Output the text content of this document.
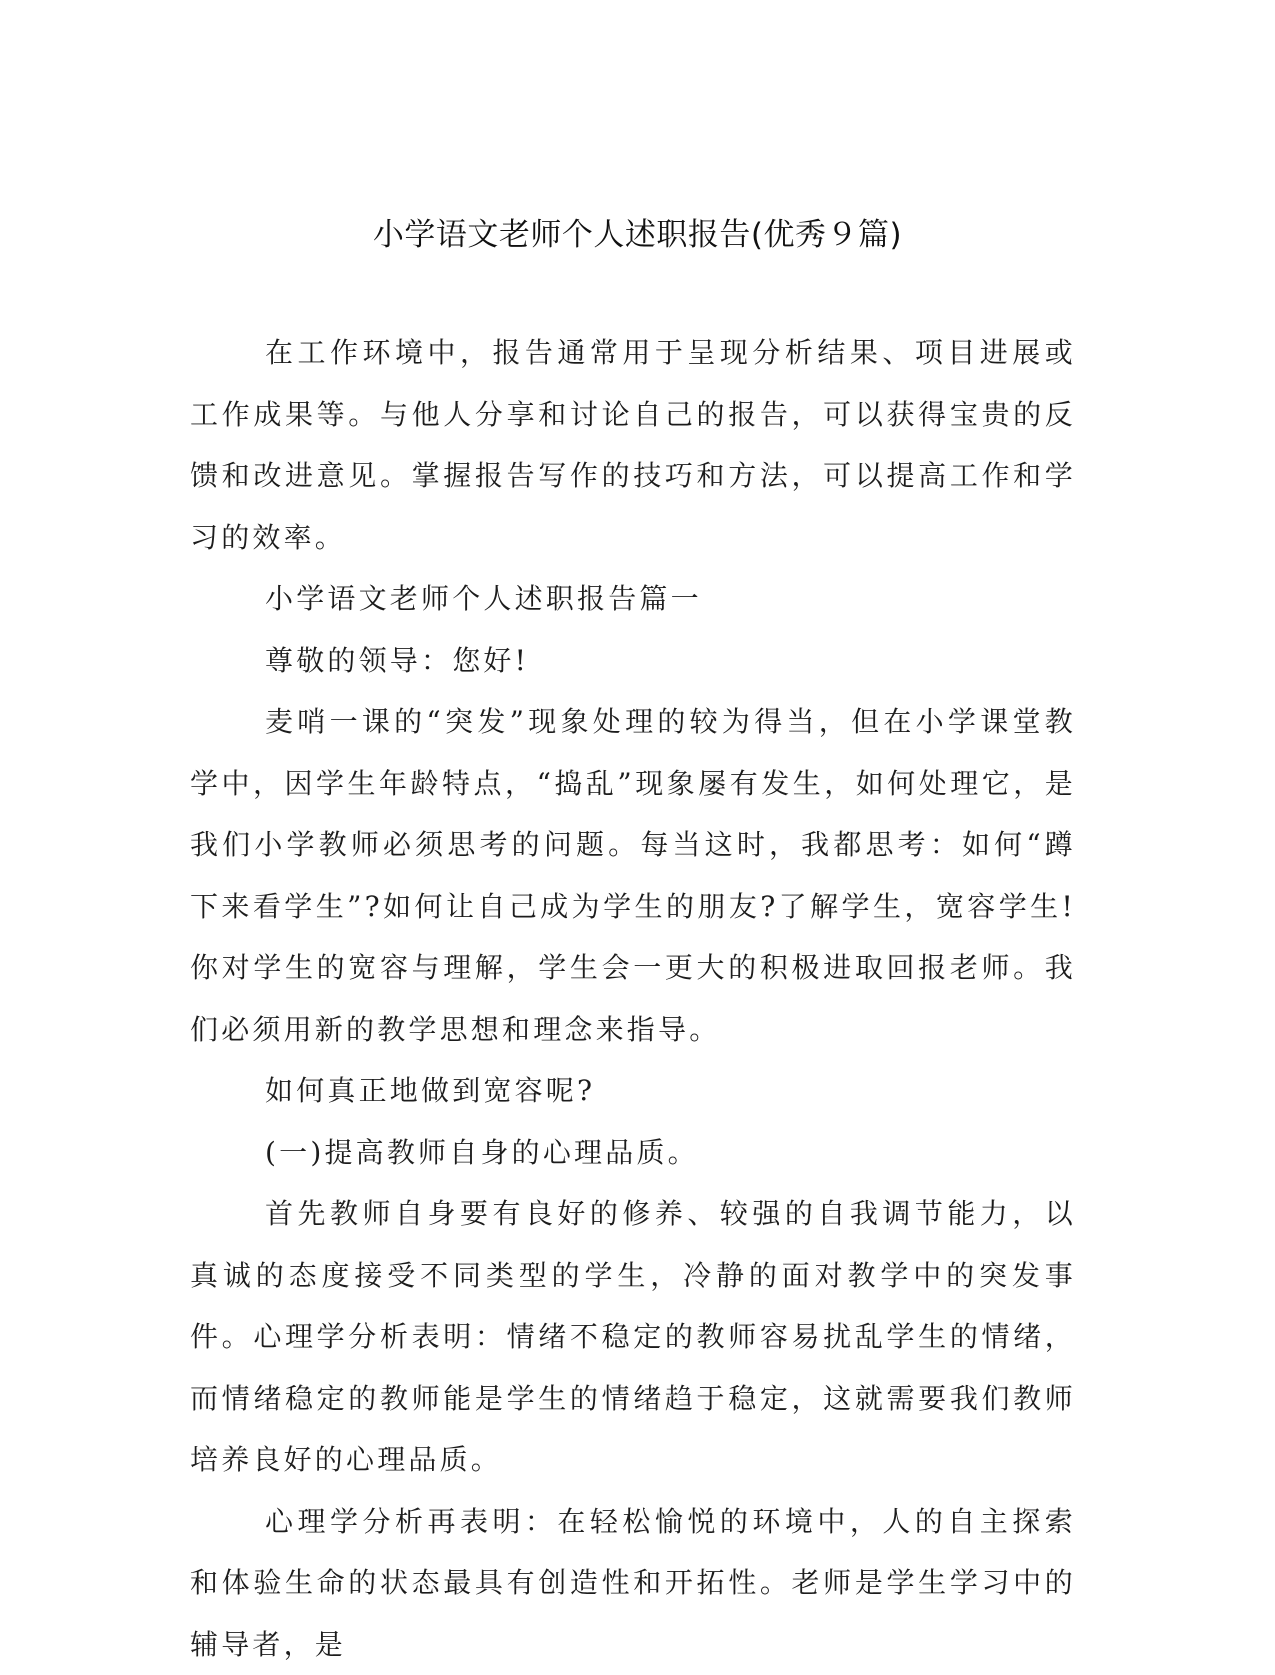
小学语文老师个人述职报告(优秀９篇)

在工作环境中，报告通常用于呈现分析结果、项目进展或工作成果等。与他人分享和讨论自己的报告，可以获得宝贵的反馈和改进意见。掌握报告写作的技巧和方法，可以提高工作和学习的效率。

小学语文老师个人述职报告篇一

尊敬的领导：您好!

麦哨一课的“突发”现象处理的较为得当，但在小学课堂教学中，因学生年龄特点，“捣乱”现象屡有发生，如何处理它，是我们小学教师必须思考的问题。每当这时，我都思考：如何“蹲下来看学生”?如何让自己成为学生的朋友?了解学生，宽容学生!你对学生的宽容与理解，学生会一更大的积极进取回报老师。我们必须用新的教学思想和理念来指导。

如何真正地做到宽容呢?

(一)提高教师自身的心理品质。

首先教师自身要有良好的修养、较强的自我调节能力，以真诚的态度接受不同类型的学生，冷静的面对教学中的突发事件。心理学分析表明：情绪不稳定的教师容易扰乱学生的情绪，而情绪稳定的教师能是学生的情绪趋于稳定，这就需要我们教师培养良好的心理品质。

心理学分析再表明：在轻松愉悦的环境中，人的自主探索和体验生命的状态最具有创造性和开拓性。老师是学生学习中的辅导者，是
